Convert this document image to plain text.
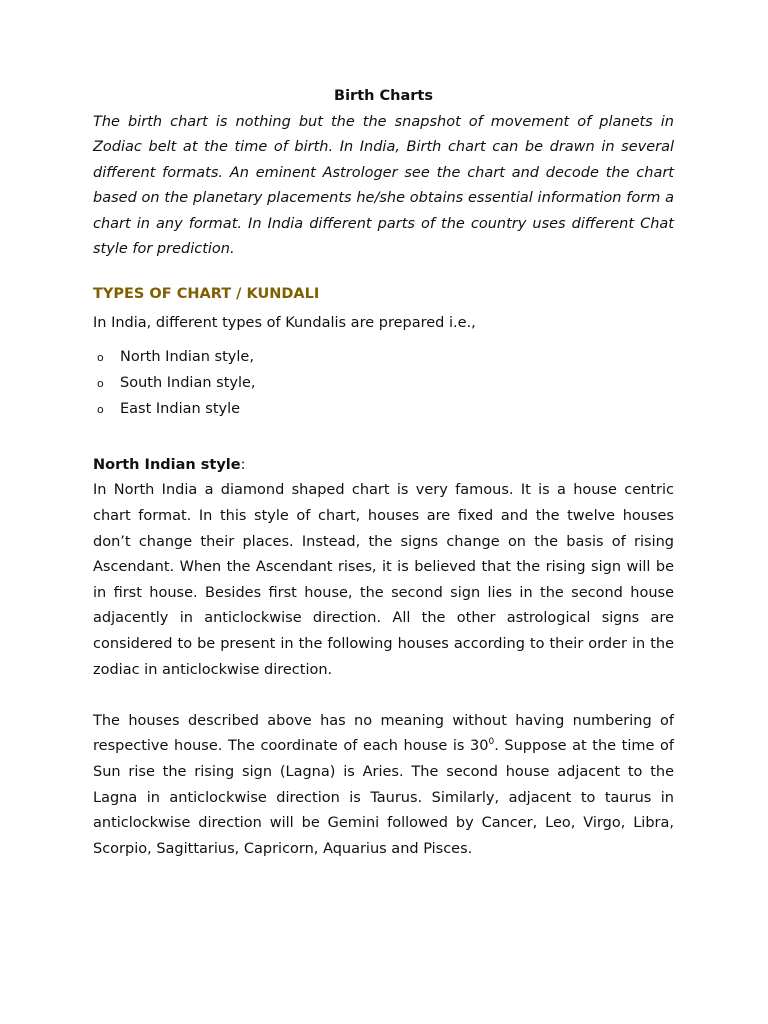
Birth Charts

The birth chart is nothing but the the snapshot of movement of planets in Zodiac belt at the time of birth. In India, Birth chart can be drawn in several different formats. An eminent Astrologer see the chart and decode the chart based on the planetary placements he/she obtains essential information form a chart in any format. In India different parts of the country uses different Chat style for prediction.

TYPES OF CHART / KUNDALI

In India, different types of Kundalis are prepared i.e.,

o North Indian style,
o South Indian style,
o East Indian style

North Indian style:

In North India a diamond shaped chart is very famous. It is a house centric chart format. In this style of chart, houses are fixed and the twelve houses don’t change their places. Instead, the signs change on the basis of rising Ascendant. When the Ascendant rises, it is believed that the rising sign will be in first house. Besides first house, the second sign lies in the second house adjacently in anticlockwise direction. All the other astrological signs are considered to be present in the following houses according to their order in the zodiac in anticlockwise direction.

The houses described above has no meaning without having numbering of respective house. The coordinate of each house is $30^0$. Suppose at the time of Sun rise the rising sign (Lagna) is Aries. The second house adjacent to the Lagna in anticlockwise direction is Taurus. Similarly, adjacent to taurus in anticlockwise direction will be Gemini followed by Cancer, Leo, Virgo, Libra, Scorpio, Sagittarius, Capricorn, Aquarius and Pisces.
